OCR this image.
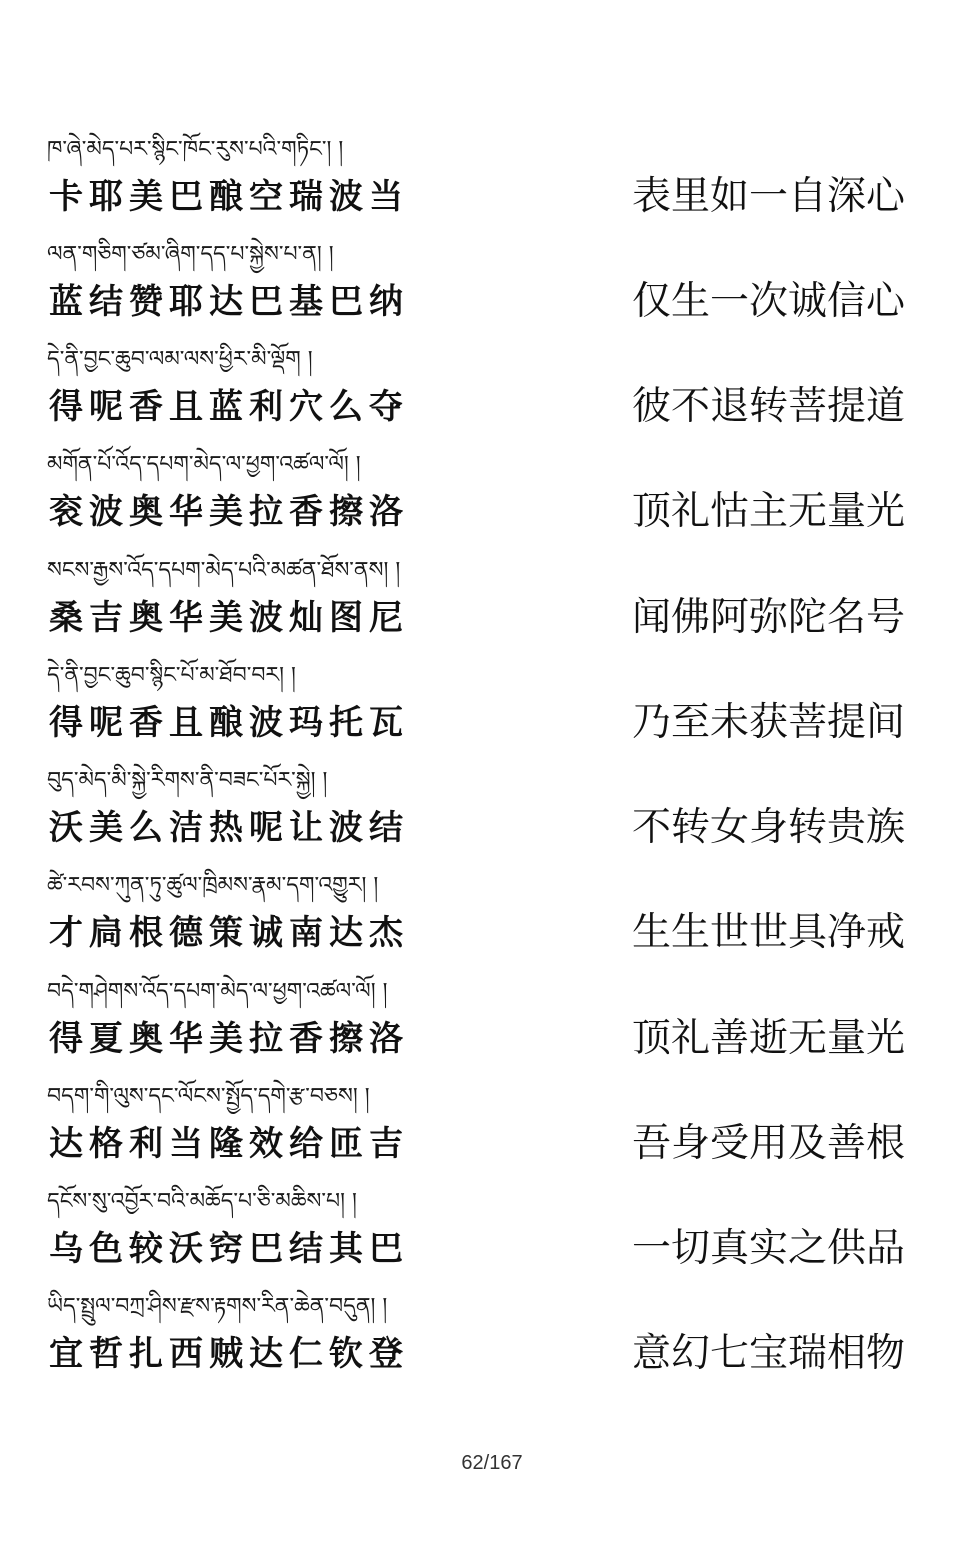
ཁ་ཞེ་མེད་པར་སྙིང་ཁོང་རུས་པའི་གཏིང་། །
卡耶美巴酿空瑞波当	表里如一自深心
ལན་གཅིག་ཙམ་ཞིག་དད་པ་སྐྱེས་པ་ན། །
蓝结赞耶达巴基巴纳	仅生一次诚信心
དེ་ནི་བྱང་ཆུབ་ལམ་ལས་ཕྱིར་མི་ལྡོག །
得呢香且蓝利穴么夺	彼不退转菩提道
མགོན་པོ་འོད་དཔག་མེད་ལ་ཕྱག་འཚལ་ལོ། །
衮波奥华美拉香擦洛	顶礼怙主无量光
སངས་རྒྱས་འོད་དཔག་མེད་པའི་མཚན་ཐོས་ནས། །
桑吉奥华美波灿图尼	闻佛阿弥陀名号
དེ་ནི་བྱང་ཆུབ་སྙིང་པོ་མ་ཐོབ་བར། །
得呢香且酿波玛托瓦	乃至未获菩提间
བུད་མེད་མི་སྐྱེ་རིགས་ནི་བཟང་པོར་སྐྱེ། །
沃美么洁热呢让波结	不转女身转贵族
ཚེ་རབས་ཀུན་ཏུ་ཚུལ་ཁྲིམས་རྣམ་དག་འགྱུར། །
才扃根德策诚南达杰	生生世世具净戒
བདེ་གཤེགས་འོད་དཔག་མེད་ལ་ཕྱག་འཚལ་ལོ། །
得夏奥华美拉香擦洛	顶礼善逝无量光
བདག་གི་ལུས་དང་ལོངས་སྤྱོད་དགེ་རྩ་བཅས། །
达格利当隆效给匝吉	吾身受用及善根
དངོས་སུ་འབྱོར་བའི་མཆོད་པ་ཅི་མཆིས་པ། །
乌色较沃窍巴结其巴	一切真实之供品
ཡིད་སྤྲུལ་བཀྲ་ཤིས་རྫས་རྟགས་རིན་ཆེན་བདུན། །
宜哲扎西贼达仁钦登	意幻七宝瑞相物
62/167
